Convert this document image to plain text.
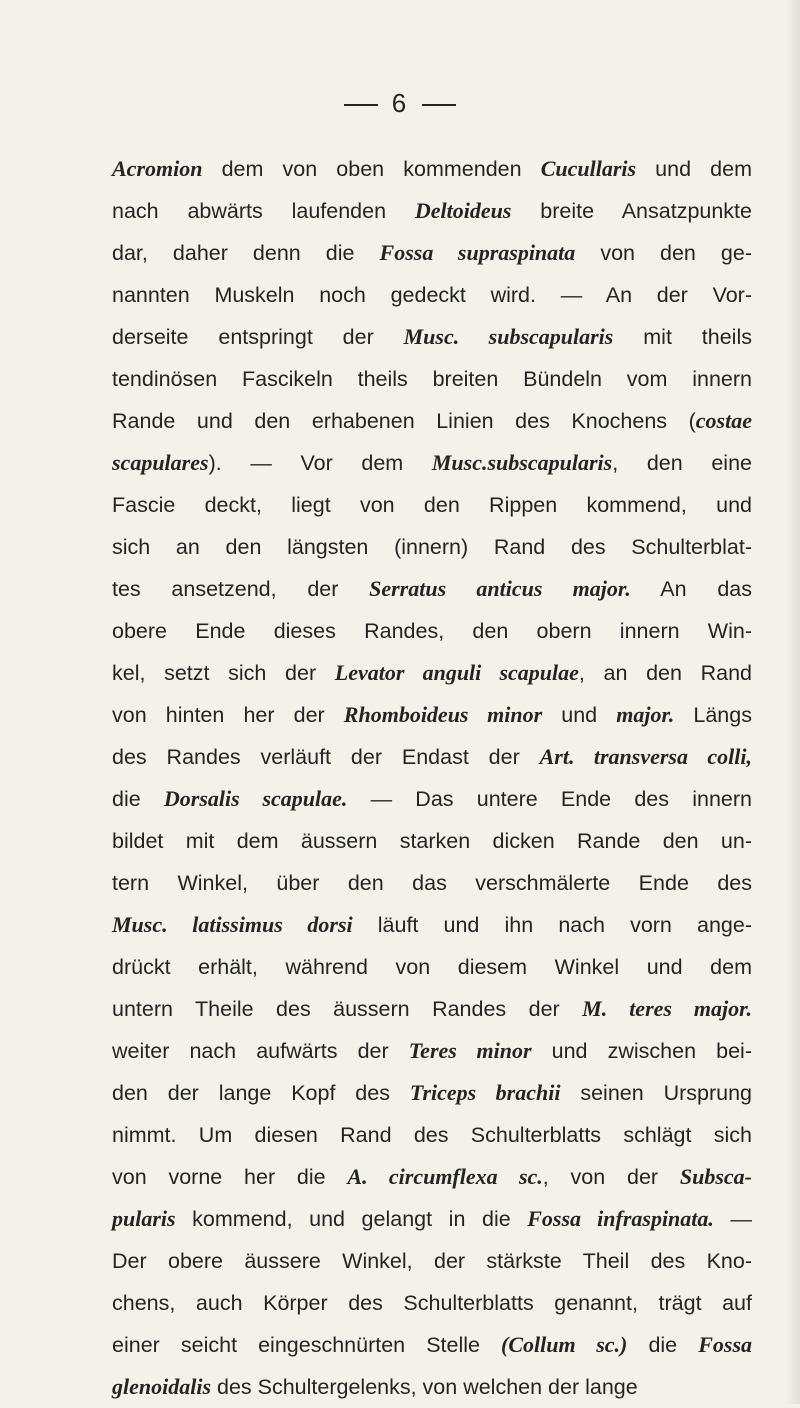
6
Acromion dem von oben kommenden Cucullaris und dem
nach abwärts laufenden Deltoideus breite Ansatzpunkte
dar, daher denn die Fossa supraspinata von den ge-
nannten Muskeln noch gedeckt wird. — An der Vor-
derseite entspringt der Musc. subscapularis mit theils
tendinösen Fascikeln theils breiten Bündeln vom innern
Rande und den erhabenen Linien des Knochens (costae
scapulares). — Vor dem Musc.subscapularis, den eine
Fascie deckt, liegt von den Rippen kommend, und
sich an den längsten (innern) Rand des Schulterblat-
tes ansetzend, der Serratus anticus major. An das
obere Ende dieses Randes, den obern innern Win-
kel, setzt sich der Levator anguli scapulae, an den Rand
von hinten her der Rhomboideus minor und major. Längs
des Randes verläuft der Endast der Art. transversa colli,
die Dorsalis scapulae. — Das untere Ende des innern
bildet mit dem äussern starken dicken Rande den un-
tern Winkel, über den das verschmälerte Ende des
Musc. latissimus dorsi läuft und ihn nach vorn ange-
drückt erhält, während von diesem Winkel und dem
untern Theile des äussern Randes der M. teres major.
weiter nach aufwärts der Teres minor und zwischen bei-
den der lange Kopf des Triceps brachii seinen Ursprung
nimmt. Um diesen Rand des Schulterblatts schlägt sich
von vorne her die A. circumflexa sc., von der Subsca-
pularis kommend, und gelangt in die Fossa infraspinata. —
Der obere äussere Winkel, der stärkste Theil des Kno-
chens, auch Körper des Schulterblatts genannt, trägt auf
einer seicht eingeschnürten Stelle (Collum sc.) die Fossa
glenoidalis des Schultergelenks, von welchen der lange
